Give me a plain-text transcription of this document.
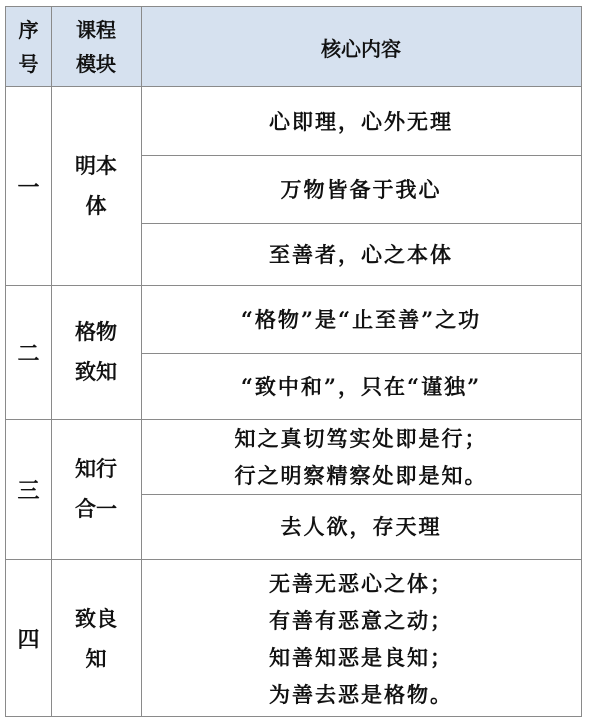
序
号
课程
模块
核心内容
一
明本
体
心即理，心外无理
万物皆备于我心
至善者，心之本体
二
格物
致知
“格物”是“止至善”之功
“致中和”，只在“谨独”
三
知行
合一
知之真切笃实处即是行；
行之明察精察处即是知。
去人欲，存天理
四
致良
知
无善无恶心之体；
有善有恶意之动；
知善知恶是良知；
为善去恶是格物。
